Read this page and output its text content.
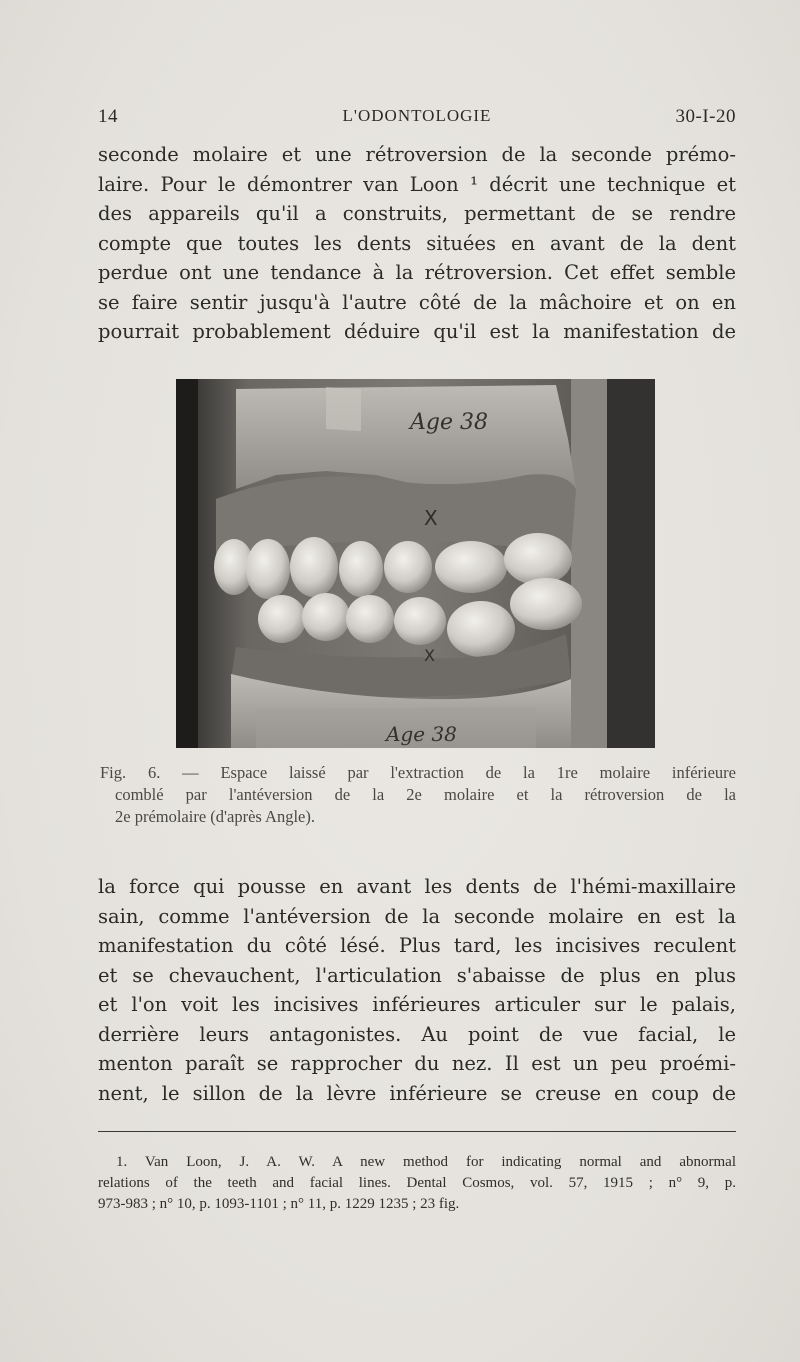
14	L'ODONTOLOGIE	30-I-20
seconde molaire et une rétroversion de la seconde prémo-
laire. Pour le démontrer van Loon ¹ décrit une technique et
des appareils qu'il a construits, permettant de se rendre
compte que toutes les dents situées en avant de la dent
perdue ont une tendance à la rétroversion. Cet effet semble
se faire sentir jusqu'à l'autre côté de la mâchoire et on en
pourrait probablement déduire qu'il est la manifestation de
X
X
Age 38
Age 38
Fig. 6. — Espace laissé par l'extraction de la 1re molaire inférieure
comblé par l'antéversion de la 2e molaire et la rétroversion de la
2e prémolaire (d'après Angle).
la force qui pousse en avant les dents de l'hémi-maxillaire
sain, comme l'antéversion de la seconde molaire en est la
manifestation du côté lésé. Plus tard, les incisives reculent
et se chevauchent, l'articulation s'abaisse de plus en plus
et l'on voit les incisives inférieures articuler sur le palais,
derrière leurs antagonistes. Au point de vue facial, le
menton paraît se rapprocher du nez. Il est un peu proémi-
nent, le sillon de la lèvre inférieure se creuse en coup de
1. Van Loon, J. A. W. A new method for indicating normal and abnormal
relations of the teeth and facial lines. Dental Cosmos, vol. 57, 1915 ; n° 9, p.
973-983 ; n° 10, p. 1093-1101 ; n° 11, p. 1229 1235 ; 23 fig.
